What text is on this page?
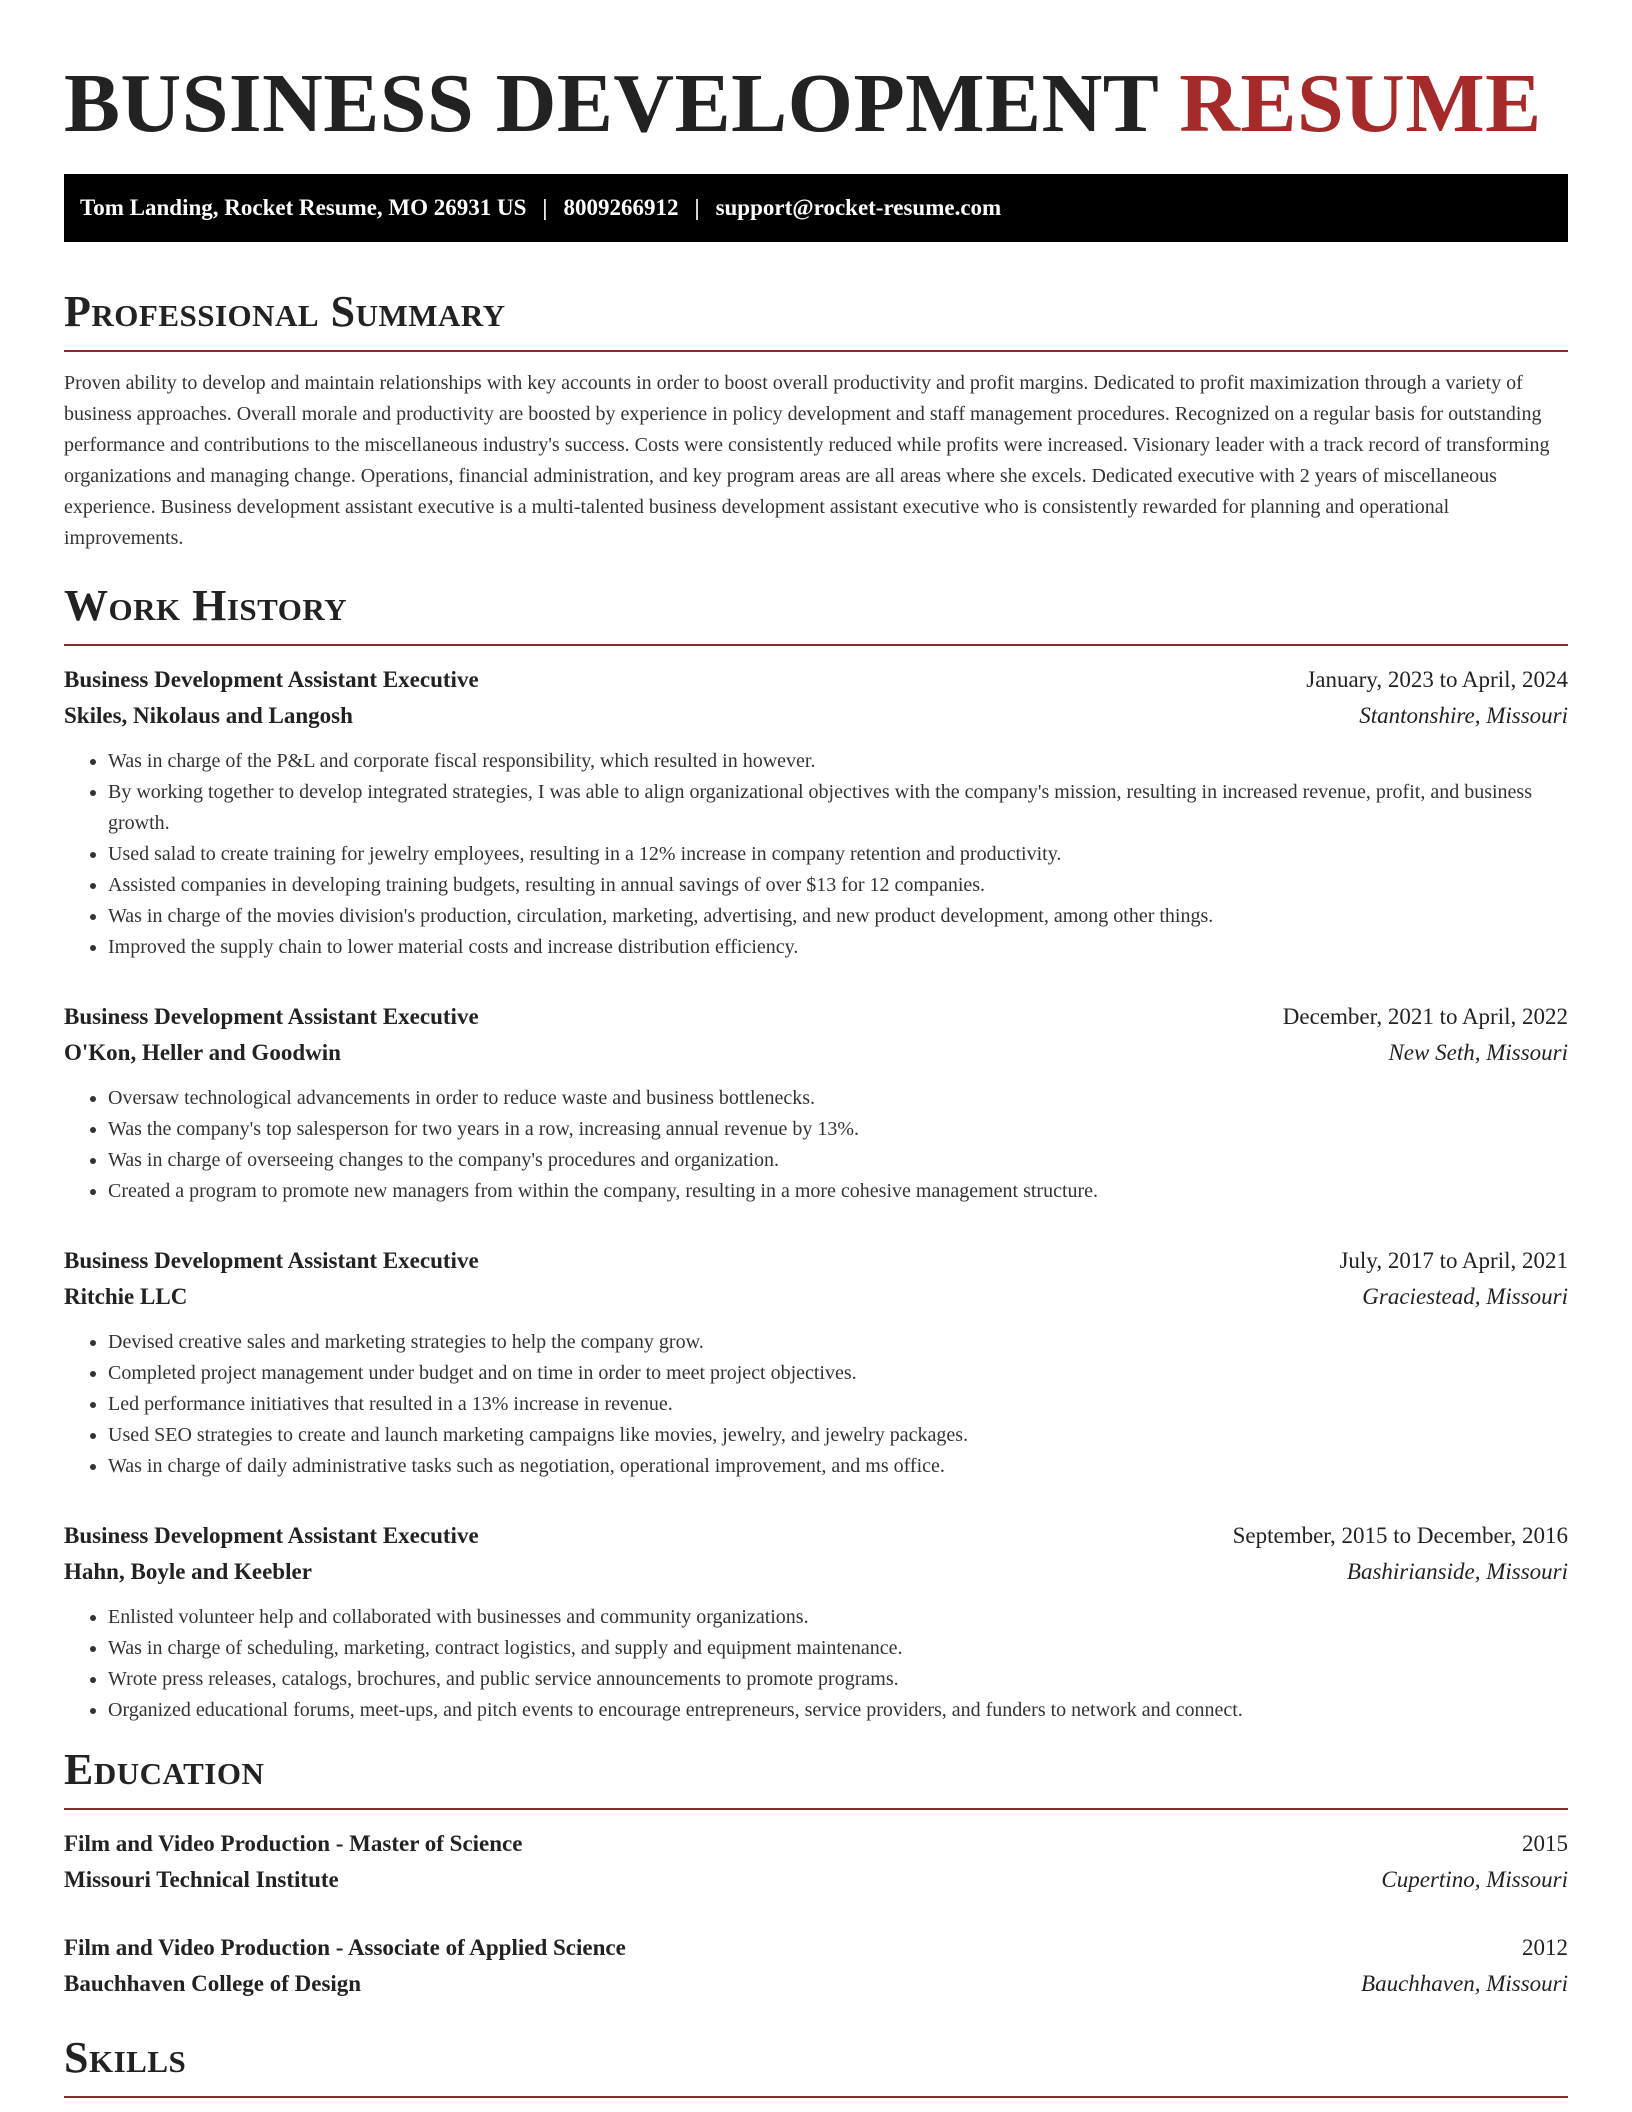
BUSINESS DEVELOPMENT RESUME
Tom Landing, Rocket Resume, MO 26931 US | 8009266912 | support@rocket-resume.com
Professional Summary

Proven ability to develop and maintain relationships with key accounts in order to boost overall productivity and profit margins. Dedicated to profit maximization through a variety of business approaches. Overall morale and productivity are boosted by experience in policy development and staff management procedures. Recognized on a regular basis for outstanding performance and contributions to the miscellaneous industry's success. Costs were consistently reduced while profits were increased. Visionary leader with a track record of transforming organizations and managing change. Operations, financial administration, and key program areas are all areas where she excels. Dedicated executive with 2 years of miscellaneous experience. Business development assistant executive is a multi-talented business development assistant executive who is consistently rewarded for planning and operational improvements.

Work History
Business Development Assistant Executive	January, 2023 to April, 2024
Skiles, Nikolaus and Langosh	Stantonshire, Missouri
• Was in charge of the P&L and corporate fiscal responsibility, which resulted in however.
• By working together to develop integrated strategies, I was able to align organizational objectives with the company's mission, resulting in increased revenue, profit, and business growth.
• Used salad to create training for jewelry employees, resulting in a 12% increase in company retention and productivity.
• Assisted companies in developing training budgets, resulting in annual savings of over $13 for 12 companies.
• Was in charge of the movies division's production, circulation, marketing, advertising, and new product development, among other things.
• Improved the supply chain to lower material costs and increase distribution efficiency.
Business Development Assistant Executive	December, 2021 to April, 2022
O'Kon, Heller and Goodwin	New Seth, Missouri
• Oversaw technological advancements in order to reduce waste and business bottlenecks.
• Was the company's top salesperson for two years in a row, increasing annual revenue by 13%.
• Was in charge of overseeing changes to the company's procedures and organization.
• Created a program to promote new managers from within the company, resulting in a more cohesive management structure.
Business Development Assistant Executive	July, 2017 to April, 2021
Ritchie LLC	Graciestead, Missouri
• Devised creative sales and marketing strategies to help the company grow.
• Completed project management under budget and on time in order to meet project objectives.
• Led performance initiatives that resulted in a 13% increase in revenue.
• Used SEO strategies to create and launch marketing campaigns like movies, jewelry, and jewelry packages.
• Was in charge of daily administrative tasks such as negotiation, operational improvement, and ms office.
Business Development Assistant Executive	September, 2015 to December, 2016
Hahn, Boyle and Keebler	Bashirianside, Missouri
• Enlisted volunteer help and collaborated with businesses and community organizations.
• Was in charge of scheduling, marketing, contract logistics, and supply and equipment maintenance.
• Wrote press releases, catalogs, brochures, and public service announcements to promote programs.
• Organized educational forums, meet-ups, and pitch events to encourage entrepreneurs, service providers, and funders to network and connect.
Education
Film and Video Production - Master of Science	2015
Missouri Technical Institute	Cupertino, Missouri
Film and Video Production - Associate of Applied Science	2012
Bauchhaven College of Design	Bauchhaven, Missouri
Skills
